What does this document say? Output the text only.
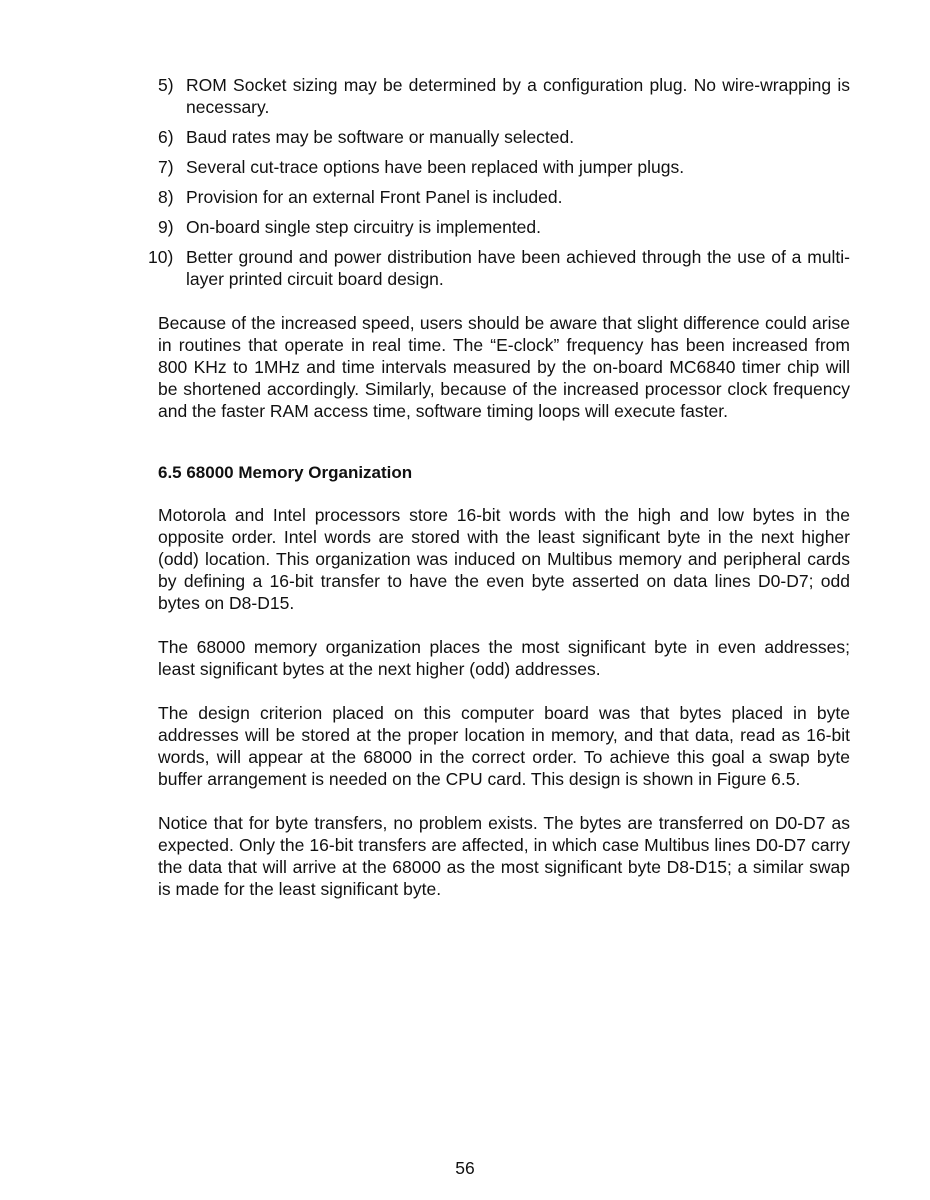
5) ROM Socket sizing may be determined by a configuration plug. No wire-wrapping is necessary.
6) Baud rates may be software or manually selected.
7) Several cut-trace options have been replaced with jumper plugs.
8) Provision for an external Front Panel is included.
9) On-board single step circuitry is implemented.
10) Better ground and power distribution have been achieved through the use of a multi-layer printed circuit board design.

Because of the increased speed, users should be aware that slight difference could arise in routines that operate in real time. The “E-clock” frequency has been increased from 800 KHz to 1MHz and time intervals measured by the on-board MC6840 timer chip will be shortened accordingly. Similarly, because of the increased processor clock frequency and the faster RAM access time, software timing loops will execute faster.

6.5 68000 Memory Organization

Motorola and Intel processors store 16-bit words with the high and low bytes in the opposite order. Intel words are stored with the least significant byte in the next higher (odd) location. This organization was induced on Multibus memory and peripheral cards by defining a 16-bit transfer to have the even byte asserted on data lines D0-D7; odd bytes on D8-D15.

The 68000 memory organization places the most significant byte in even addresses; least significant bytes at the next higher (odd) addresses.

The design criterion placed on this computer board was that bytes placed in byte addresses will be stored at the proper location in memory, and that data, read as 16-bit words, will appear at the 68000 in the correct order. To achieve this goal a swap byte buffer arrangement is needed on the CPU card. This design is shown in Figure 6.5.

Notice that for byte transfers, no problem exists. The bytes are transferred on D0-D7 as expected. Only the 16-bit transfers are affected, in which case Multibus lines D0-D7 carry the data that will arrive at the 68000 as the most significant byte D8-D15; a similar swap is made for the least significant byte.

56
